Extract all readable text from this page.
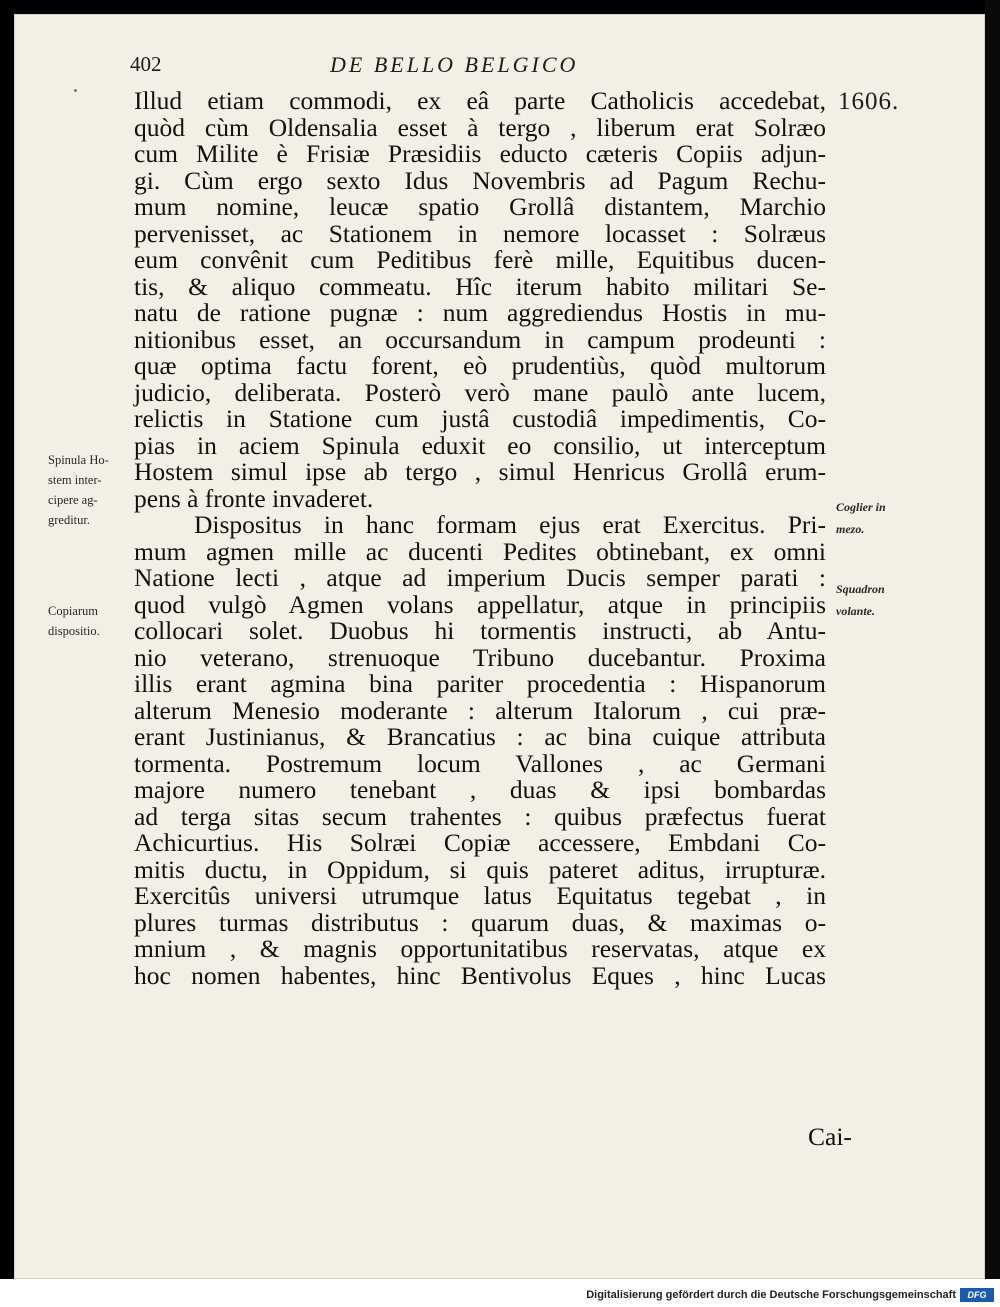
402	DE BELLO BELGICO
1606.
Illud etiam commodi, ex eâ parte Catholicis accedebat,
quòd cùm Oldensalia esset à tergo , liberum erat Solræo
cum Milite è Frisiæ Præsidiis educto cæteris Copiis adjun-
gi. Cùm ergo sexto Idus Novembris ad Pagum Rechu-
mum nomine, leucæ spatio Grollâ distantem, Marchio
pervenisset, ac Stationem in nemore locasset : Solræus
eum convênit cum Peditibus ferè mille, Equitibus ducen-
tis, & aliquo commeatu. Hîc iterum habito militari Se-
natu de ratione pugnæ : num aggrediendus Hostis in mu-
nitionibus esset, an occursandum in campum prodeunti :
quæ optima factu forent, eò prudentiùs, quòd multorum
judicio, deliberata. Posterò verò mane paulò ante lucem,
relictis in Statione cum justâ custodiâ impedimentis, Co-
pias in aciem Spinula eduxit eo consilio, ut interceptum
Hostem simul ipse ab tergo , simul Henricus Grollâ erum-
pens à fronte invaderet.
Dispositus in hanc formam ejus erat Exercitus. Pri-
mum agmen mille ac ducenti Pedites obtinebant, ex omni
Natione lecti , atque ad imperium Ducis semper parati :
quod vulgò Agmen volans appellatur, atque in principiis
collocari solet. Duobus hi tormentis instructi, ab Antu-
nio veterano, strenuoque Tribuno ducebantur. Proxima
illis erant agmina bina pariter procedentia : Hispanorum
alterum Menesio moderante : alterum Italorum , cui præ-
erant Justinianus, & Brancatius : ac bina cuique attributa
tormenta. Postremum locum Vallones , ac Germani
majore numero tenebant , duas & ipsi bombardas
ad terga sitas secum trahentes : quibus præfectus fuerat
Achicurtius. His Solræi Copiæ accessere, Embdani Co-
mitis ductu, in Oppidum, si quis pateret aditus, irrupturæ.
Exercitûs universi utrumque latus Equitatus tegebat , in
plures turmas distributus : quarum duas, & maximas o-
mnium , & magnis opportunitatibus reservatas, atque ex
hoc nomen habentes, hinc Bentivolus Eques , hinc Lucas
Cai-
Spinula Ho-
stem inter-
cipere ag-
greditur.
Copiarum
dispositio.
Coglier in
mezo.
Squadron
volante.
Digitalisierung gefördert durch die Deutsche Forschungsgemeinschaft	DFG
